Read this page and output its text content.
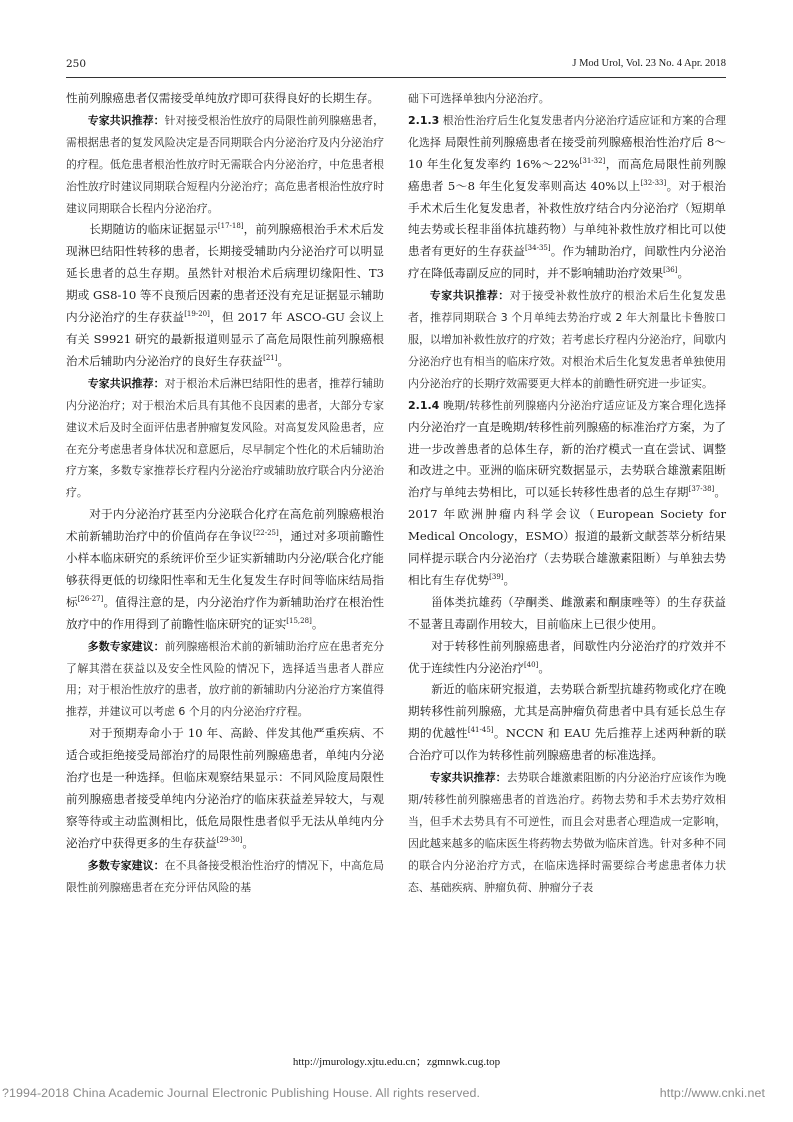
250	J Mod Urol, Vol. 23 No. 4 Apr. 2018

性前列腺癌患者仅需接受单纯放疗即可获得良好的长期生存。

专家共识推荐：针对接受根治性放疗的局限性前列腺癌患者，需根据患者的复发风险决定是否同期联合内分泌治疗及内分泌治疗的疗程。低危患者根治性放疗时无需联合内分泌治疗，中危患者根治性放疗时建议同期联合短程内分泌治疗；高危患者根治性放疗时建议同期联合长程内分泌治疗。

长期随访的临床证据显示[17-18]，前列腺癌根治手术术后发现淋巴结阳性转移的患者，长期接受辅助内分泌治疗可以明显延长患者的总生存期。虽然针对根治术后病理切缘阳性、T3 期或 GS8-10 等不良预后因素的患者还没有充足证据显示辅助内分泌治疗的生存获益[19-20]，但 2017 年 ASCO-GU 会议上有关 S9921 研究的最新报道则显示了高危局限性前列腺癌根治术后辅助内分泌治疗的良好生存获益[21]。

专家共识推荐：对于根治术后淋巴结阳性的患者，推荐行辅助内分泌治疗；对于根治术后具有其他不良因素的患者，大部分专家建议术后及时全面评估患者肿瘤复发风险。对高复发风险患者，应在充分考虑患者身体状况和意愿后，尽早制定个性化的术后辅助治疗方案，多数专家推荐长疗程内分泌治疗或辅助放疗联合内分泌治疗。

对于内分泌治疗甚至内分泌联合化疗在高危前列腺癌根治术前新辅助治疗中的价值尚存在争议[22-25]，通过对多项前瞻性小样本临床研究的系统评价至少证实新辅助内分泌/联合化疗能够获得更低的切缘阳性率和无生化复发生存时间等临床结局指标[26-27]。值得注意的是，内分泌治疗作为新辅助治疗在根治性放疗中的作用得到了前瞻性临床研究的证实[15,28]。

多数专家建议：前列腺癌根治术前的新辅助治疗应在患者充分了解其潜在获益以及安全性风险的情况下，选择适当患者人群应用；对于根治性放疗的患者，放疗前的新辅助内分泌治疗方案值得推荐，并建议可以考虑 6 个月的内分泌治疗疗程。

对于预期寿命小于 10 年、高龄、伴发其他严重疾病、不适合或拒绝接受局部治疗的局限性前列腺癌患者，单纯内分泌治疗也是一种选择。但临床观察结果显示：不同风险度局限性前列腺癌患者接受单纯内分泌治疗的临床获益差异较大，与观察等待或主动监测相比，低危局限性患者似乎无法从单纯内分泌治疗中获得更多的生存获益[29-30]。

多数专家建议：在不具备接受根治性治疗的情况下，中高危局限性前列腺癌患者在充分评估风险的基

础下可选择单独内分泌治疗。

2.1.3 根治性治疗后生化复发患者内分泌治疗适应证和方案的合理化选择 局限性前列腺癌患者在接受前列腺癌根治性治疗后 8～10 年生化复发率约 16%～22%[31-32]，而高危局限性前列腺癌患者 5～8 年生化复发率则高达 40%以上[32-33]。对于根治手术术后生化复发患者，补救性放疗结合内分泌治疗（短期单纯去势或长程非甾体抗雄药物）与单纯补救性放疗相比可以使患者有更好的生存获益[34-35]。作为辅助治疗，间歇性内分泌治疗在降低毒副反应的同时，并不影响辅助治疗效果[36]。

专家共识推荐：对于接受补救性放疗的根治术后生化复发患者，推荐同期联合 3 个月单纯去势治疗或 2 年大剂量比卡鲁胺口服，以增加补救性放疗的疗效；若考虑长疗程内分泌治疗，间歇内分泌治疗也有相当的临床疗效。对根治术后生化复发患者单独使用内分泌治疗的长期疗效需要更大样本的前瞻性研究进一步证实。

2.1.4 晚期/转移性前列腺癌内分泌治疗适应证及方案合理化选择 内分泌治疗一直是晚期/转移性前列腺癌的标准治疗方案，为了进一步改善患者的总体生存，新的治疗模式一直在尝试、调整和改进之中。亚洲的临床研究数据显示，去势联合雄激素阻断治疗与单纯去势相比，可以延长转移性患者的总生存期[37-38]。2017 年欧洲肿瘤内科学会议（European Society for Medical Oncology，ESMO）报道的最新文献荟萃分析结果同样提示联合内分泌治疗（去势联合雄激素阻断）与单独去势相比有生存优势[39]。

甾体类抗雄药（孕酮类、雌激素和酮康唑等）的生存获益不显著且毒副作用较大，目前临床上已很少使用。

对于转移性前列腺癌患者，间歇性内分泌治疗的疗效并不优于连续性内分泌治疗[40]。

新近的临床研究报道，去势联合新型抗雄药物或化疗在晚期转移性前列腺癌，尤其是高肿瘤负荷患者中具有延长总生存期的优越性[41-45]。NCCN 和 EAU 先后推荐上述两种新的联合治疗可以作为转移性前列腺癌患者的标准选择。

专家共识推荐：去势联合雄激素阻断的内分泌治疗应该作为晚期/转移性前列腺癌患者的首选治疗。药物去势和手术去势疗效相当，但手术去势具有不可逆性，而且会对患者心理造成一定影响，因此越来越多的临床医生将药物去势做为临床首选。针对多种不同的联合内分泌治疗方式，在临床选择时需要综合考虑患者体力状态、基础疾病、肿瘤负荷、肿瘤分子表

http://jmurology.xjtu.edu.cn；zgmnwk.cug.top
?1994-2018 China Academic Journal Electronic Publishing House. All rights reserved.	http://www.cnki.net
